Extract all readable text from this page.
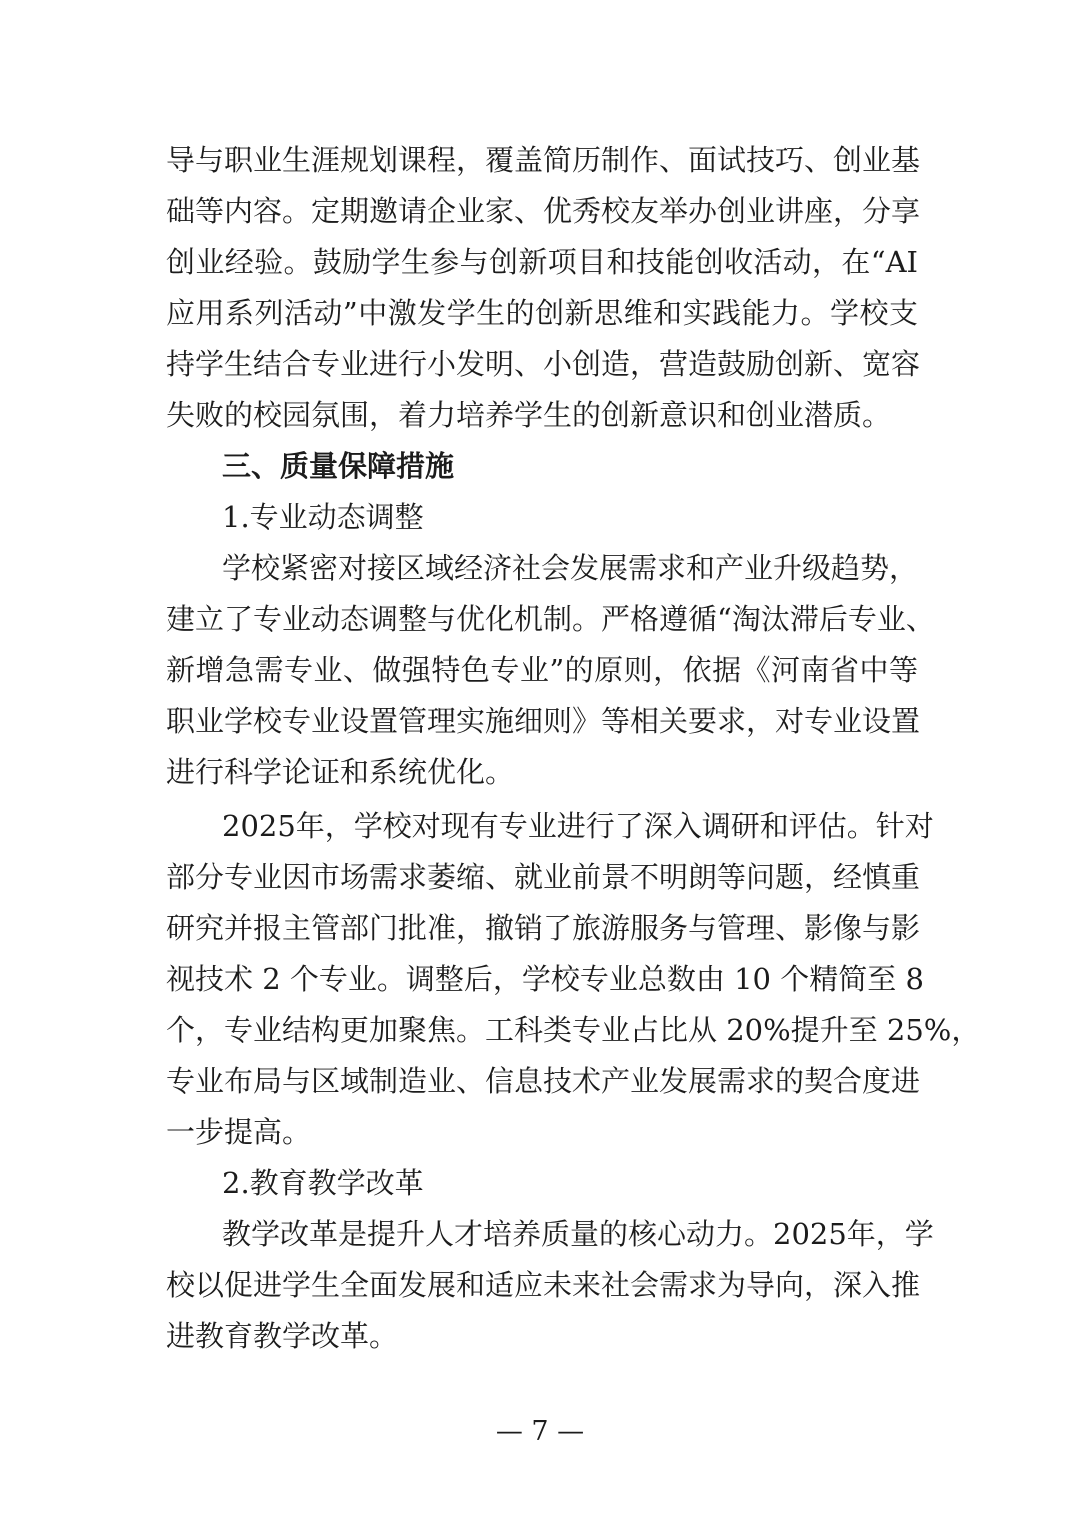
导与职业生涯规划课程，覆盖简历制作、面试技巧、创业基
础等内容。定期邀请企业家、优秀校友举办创业讲座，分享
创业经验。鼓励学生参与创新项目和技能创收活动，在“AI
应用系列活动”中激发学生的创新思维和实践能力。学校支
持学生结合专业进行小发明、小创造，营造鼓励创新、宽容
失败的校园氛围，着力培养学生的创新意识和创业潜质。
三、质量保障措施
1.专业动态调整
学校紧密对接区域经济社会发展需求和产业升级趋势，
建立了专业动态调整与优化机制。严格遵循“淘汰滞后专业、
新增急需专业、做强特色专业”的原则，依据《河南省中等
职业学校专业设置管理实施细则》等相关要求，对专业设置
进行科学论证和系统优化。
2025年，学校对现有专业进行了深入调研和评估。针对
部分专业因市场需求萎缩、就业前景不明朗等问题，经慎重
研究并报主管部门批准，撤销了旅游服务与管理、影像与影
视技术 2 个专业。调整后，学校专业总数由 10 个精简至 8
个，专业结构更加聚焦。工科类专业占比从 20%提升至 25%，
专业布局与区域制造业、信息技术产业发展需求的契合度进
一步提高。
2.教育教学改革
教学改革是提升人才培养质量的核心动力。2025年，学
校以促进学生全面发展和适应未来社会需求为导向，深入推
进教育教学改革。
— 7 —
